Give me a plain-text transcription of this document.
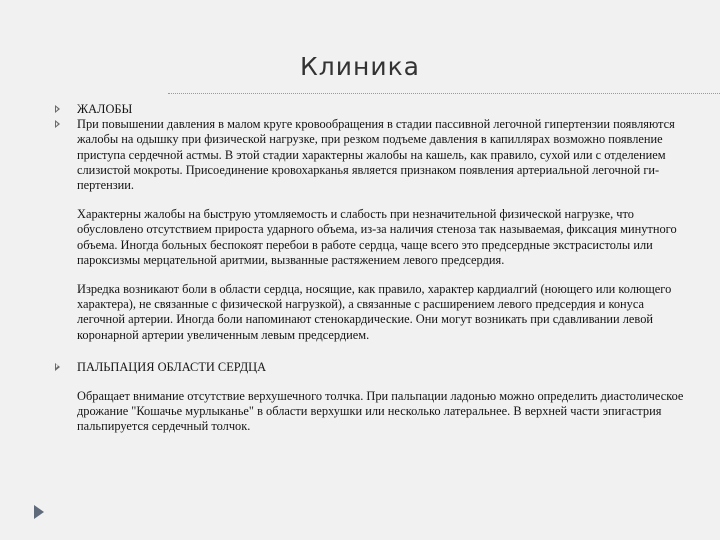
Клиника
ЖАЛОБЫ
При повышении давления в малом круге кровообращения в стадии пассивной легочной гипертензии появляются жалобы на одышку при физической нагрузке, при резком подъеме давления в капиллярах возможно появление приступа сердечной астмы. В этой стадии характерны жалобы на кашель, как правило, сухой или с отделением слизистой мокроты. Присоединение кровохарканья является признаком появления артериальной легочной ги-пертензии.
Характерны жалобы на быструю утомляемость и слабость при незначительной физической нагрузке, что обусловлено отсутствием прироста ударного объема, из-за наличия стеноза так называемая, фиксация минутного объема. Иногда больных беспокоят перебои в работе сердца, чаще всего это предсердные экстрасистолы или пароксизмы мерцательной аритмии, вызванные растяжением левого предсердия.
Изредка возникают боли в области сердца, носящие, как правило, характер кардиалгий (ноющего или колющего характера), не связанные с физической нагрузкой), а связанные с расширением левого предсердия и конуса легочной артерии. Иногда боли напоминают стенокардические. Они могут возникать при сдавливании левой коронарной артерии увеличенным левым предсердием.
ПАЛЬПАЦИЯ ОБЛАСТИ СЕРДЦА
Обращает внимание отсутствие верхушечного толчка. При пальпации ладонью можно определить диастолическое дрожание "Кошачье мурлыканье" в области верхушки или несколько латеральнее. В верхней части эпигастрия пальпируется сердечный толчок.
